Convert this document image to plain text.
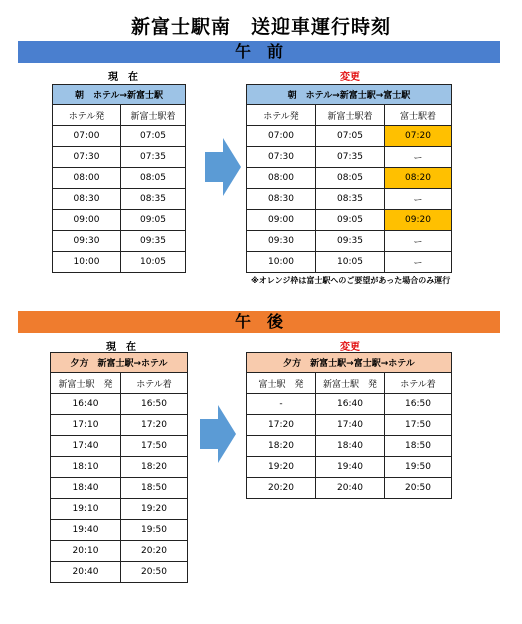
新富士駅南　送迎車運行時刻
午　前
現　在	変更
朝　ホテル→新富士駅	
ホテル発	新富士駅着
07:00	07:05
07:30	07:35
08:00	08:05
08:30	08:35
09:00	09:05
09:30	09:35
10:00	10:05
朝　ホテル→新富士駅→富士駅		
ホテル発	新富士駅着	富士駅着
07:00	07:05	07:20
07:30	07:35	ー
08:00	08:05	08:20
08:30	08:35	ー
09:00	09:05	09:20
09:30	09:35	ー
10:00	10:05	ー
※オレンジ枠は富士駅へのご要望があった場合のみ運行
午　後
現　在	変更
夕方　新富士駅→ホテル	
新富士駅　発	ホテル着
16:40	16:50
17:10	17:20
17:40	17:50
18:10	18:20
18:40	18:50
19:10	19:20
19:40	19:50
20:10	20:20
20:40	20:50
夕方　新富士駅→富士駅→ホテル		
富士駅　発	新富士駅　発	ホテル着
-	16:40	16:50
17:20	17:40	17:50
18:20	18:40	18:50
19:20	19:40	19:50
20:20	20:40	20:50
